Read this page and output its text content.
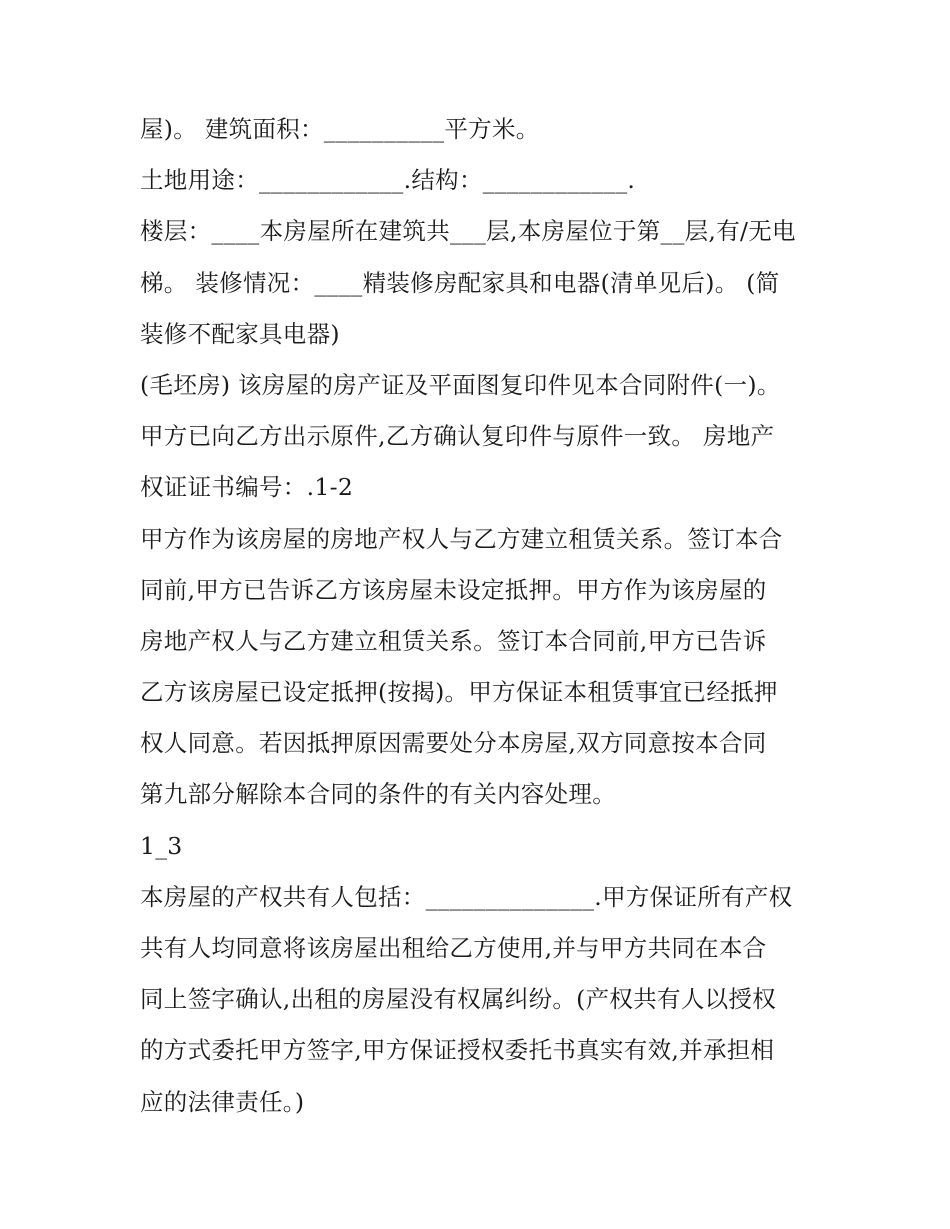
屋)。 建筑面积：__________平方米。
土地用途：____________.结构：____________.
楼层：____本房屋所在建筑共___层,本房屋位于第__层,有/无电
梯。 装修情况：____精装修房配家具和电器(清单见后)。 (简
装修不配家具电器)
(毛坯房) 该房屋的房产证及平面图复印件见本合同附件(一)。
甲方已向乙方出示原件,乙方确认复印件与原件一致。 房地产
权证证书编号：.1-2
甲方作为该房屋的房地产权人与乙方建立租赁关系。签订本合
同前,甲方已告诉乙方该房屋未设定抵押。甲方作为该房屋的
房地产权人与乙方建立租赁关系。签订本合同前,甲方已告诉
乙方该房屋已设定抵押(按揭)。甲方保证本租赁事宜已经抵押
权人同意。若因抵押原因需要处分本房屋,双方同意按本合同
第九部分解除本合同的条件的有关内容处理。
1_3
本房屋的产权共有人包括：______________.甲方保证所有产权
共有人均同意将该房屋出租给乙方使用,并与甲方共同在本合
同上签字确认,出租的房屋没有权属纠纷。(产权共有人以授权
的方式委托甲方签字,甲方保证授权委托书真实有效,并承担相
应的法律责任。)
